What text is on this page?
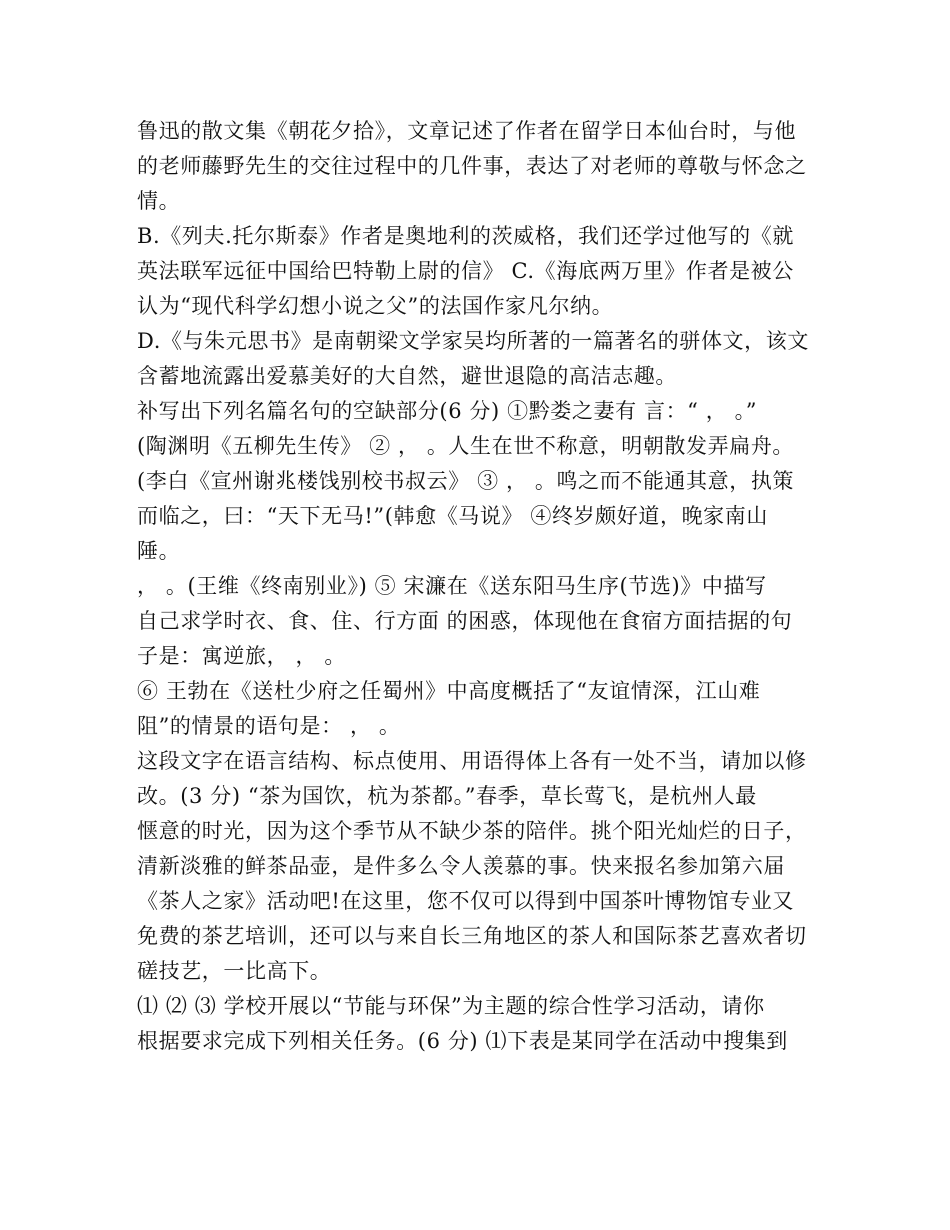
鲁迅的散文集《朝花夕拾》，文章记述了作者在留学日本仙台时，与他
的老师藤野先生的交往过程中的几件事，表达了对老师的尊敬与怀念之
情。
B.《列夫.托尔斯泰》作者是奥地利的茨威格，我们还学过他写的《就
英法联军远征中国给巴特勒上尉的信》 C.《海底两万里》作者是被公
认为“现代科学幻想小说之父”的法国作家凡尔纳。
D.《与朱元思书》是南朝梁文学家吴均所著的一篇著名的骈体文，该文
含蓄地流露出爱慕美好的大自然，避世退隐的高洁志趣。
补写出下列名篇名句的空缺部分(6 分) ①黔娄之妻有 言：“ ， 。”
(陶渊明《五柳先生传》 ② ， 。人生在世不称意，明朝散发弄扁舟。
(李白《宣州谢兆楼饯别校书叔云》 ③ ， 。鸣之而不能通其意，执策
而临之，曰：“天下无马!”(韩愈《马说》 ④终岁颇好道，晚家南山
陲。
， 。(王维《终南别业》) ⑤ 宋濂在《送东阳马生序(节选)》中描写
自己求学时衣、食、住、行方面 的困惑，体现他在食宿方面拮据的句
子是：寓逆旅， ， 。
⑥ 王勃在《送杜少府之任蜀州》中高度概括了“友谊情深，江山难
阻”的情景的语句是： ， 。
这段文字在语言结构、标点使用、用语得体上各有一处不当，请加以修
改。(3 分) “茶为国饮，杭为茶都。”春季，草长莺飞，是杭州人最
惬意的时光，因为这个季节从不缺少茶的陪伴。挑个阳光灿烂的日子，
清新淡雅的鲜茶品壶，是件多么令人羡慕的事。快来报名参加第六届
《茶人之家》活动吧!在这里，您不仅可以得到中国茶叶博物馆专业又
免费的茶艺培训，还可以与来自长三角地区的茶人和国际茶艺喜欢者切
磋技艺，一比高下。
⑴ ⑵ ⑶ 学校开展以“节能与环保”为主题的综合性学习活动，请你
根据要求完成下列相关任务。(6 分) ⑴下表是某同学在活动中搜集到
